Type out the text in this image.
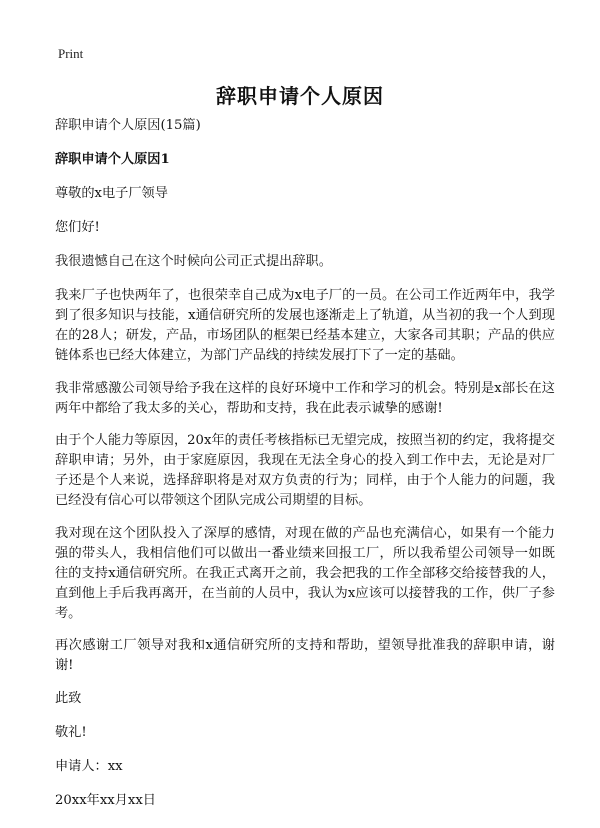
Print
辞职申请个人原因

辞职申请个人原因(15篇)

辞职申请个人原因1

尊敬的x电子厂领导

您们好!

我很遗憾自己在这个时候向公司正式提出辞职。

我来厂子也快两年了，也很荣幸自己成为x电子厂的一员。在公司工作近两年中，我学到了很多知识与技能，x通信研究所的发展也逐渐走上了轨道，从当初的我一个人到现在的28人；研发，产品，市场团队的框架已经基本建立，大家各司其职；产品的供应链体系也已经大体建立，为部门产品线的持续发展打下了一定的基础。

我非常感激公司领导给予我在这样的良好环境中工作和学习的机会。特别是x部长在这两年中都给了我太多的关心，帮助和支持，我在此表示诚挚的感谢!

由于个人能力等原因，20x年的责任考核指标已无望完成，按照当初的约定，我将提交辞职申请；另外，由于家庭原因，我现在无法全身心的投入到工作中去，无论是对厂子还是个人来说，选择辞职将是对双方负责的行为；同样，由于个人能力的问题，我已经没有信心可以带领这个团队完成公司期望的目标。

我对现在这个团队投入了深厚的感情，对现在做的产品也充满信心，如果有一个能力强的带头人，我相信他们可以做出一番业绩来回报工厂，所以我希望公司领导一如既往的支持x通信研究所。在我正式离开之前，我会把我的工作全部移交给接替我的人，直到他上手后我再离开，在当前的人员中，我认为x应该可以接替我的工作，供厂子参考。

再次感谢工厂领导对我和x通信研究所的支持和帮助，望领导批准我的辞职申请，谢谢!

此致

敬礼!

申请人：xx

20xx年xx月xx日
